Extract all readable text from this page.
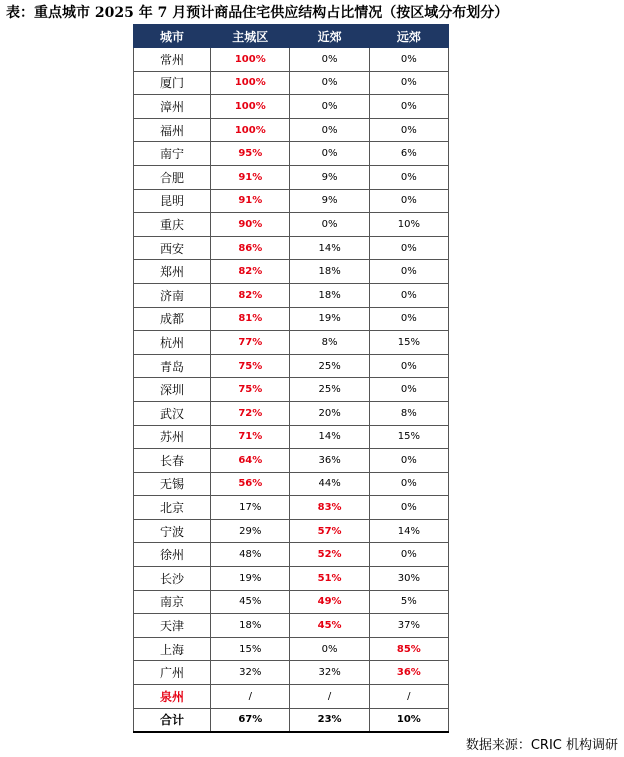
表：重点城市 2025 年 7 月预计商品住宅供应结构占比情况（按区域分布划分）
城市	主城区	近郊	远郊
常州	100%	0%	0%
厦门	100%	0%	0%
漳州	100%	0%	0%
福州	100%	0%	0%
南宁	95%	0%	6%
合肥	91%	9%	0%
昆明	91%	9%	0%
重庆	90%	0%	10%
西安	86%	14%	0%
郑州	82%	18%	0%
济南	82%	18%	0%
成都	81%	19%	0%
杭州	77%	8%	15%
青岛	75%	25%	0%
深圳	75%	25%	0%
武汉	72%	20%	8%
苏州	71%	14%	15%
长春	64%	36%	0%
无锡	56%	44%	0%
北京	17%	83%	0%
宁波	29%	57%	14%
徐州	48%	52%	0%
长沙	19%	51%	30%
南京	45%	49%	5%
天津	18%	45%	37%
上海	15%	0%	85%
广州	32%	32%	36%
泉州	/	/	/
合计	67%	23%	10%
数据来源：CRIC 机构调研
